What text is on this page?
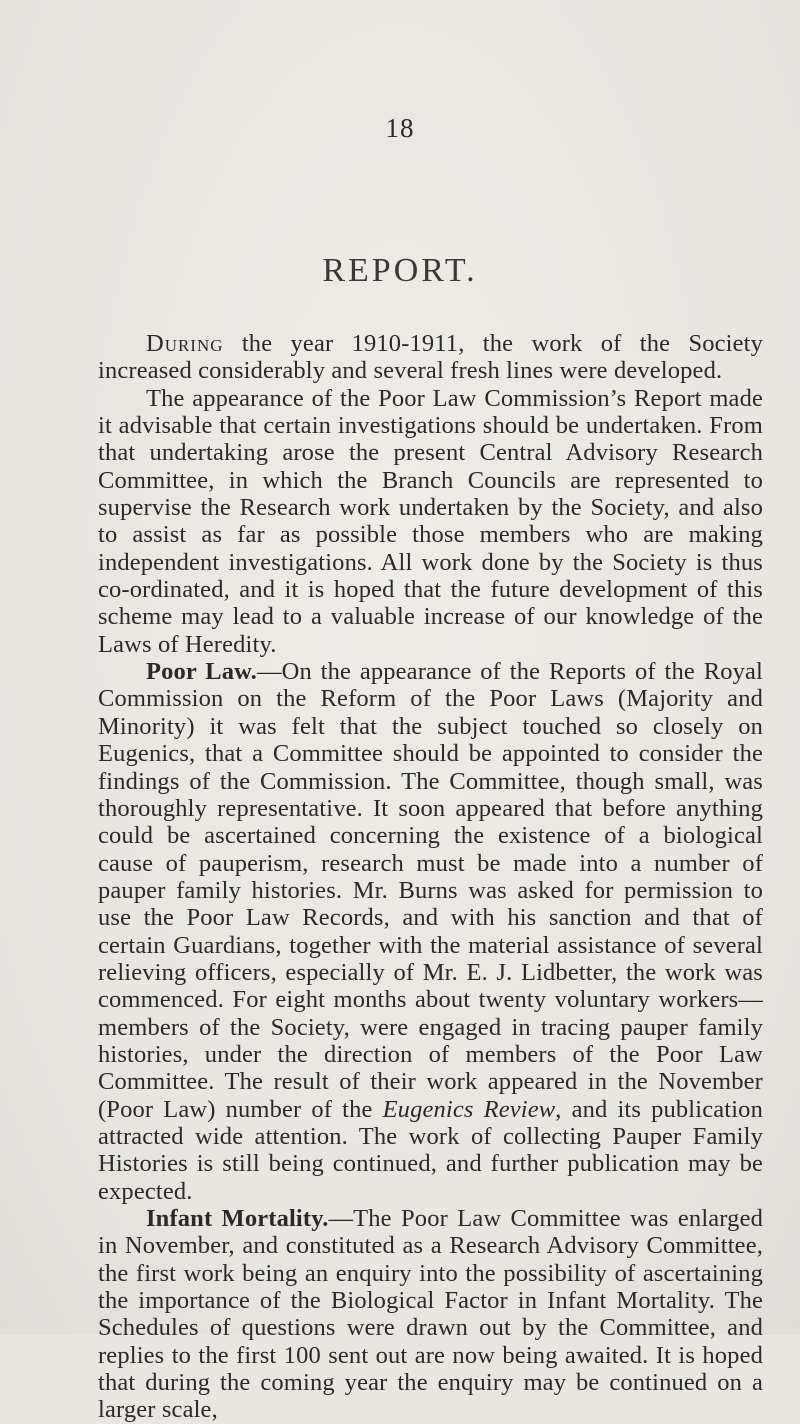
18
REPORT.

During the year 1910-1911, the work of the Society increased considerably and several fresh lines were developed.

The appearance of the Poor Law Commission’s Report made it advisable that certain investigations should be undertaken. From that undertaking arose the present Central Advisory Research Committee, in which the Branch Councils are represented to supervise the Research work undertaken by the Society, and also to assist as far as possible those members who are making independent investigations. All work done by the Society is thus co-ordinated, and it is hoped that the future development of this scheme may lead to a valuable increase of our knowledge of the Laws of Heredity.

Poor Law.—On the appearance of the Reports of the Royal Commission on the Reform of the Poor Laws (Majority and Minority) it was felt that the subject touched so closely on Eugenics, that a Committee should be appointed to consider the findings of the Commission. The Committee, though small, was thoroughly representative. It soon appeared that before anything could be ascertained concerning the existence of a biological cause of pauperism, research must be made into a number of pauper family histories. Mr. Burns was asked for permission to use the Poor Law Records, and with his sanction and that of certain Guardians, together with the material assistance of several relieving officers, especially of Mr. E. J. Lidbetter, the work was commenced. For eight months about twenty voluntary workers—members of the Society, were engaged in tracing pauper family histories, under the direction of members of the Poor Law Committee. The result of their work appeared in the November (Poor Law) number of the Eugenics Review, and its publication attracted wide attention. The work of collecting Pauper Family Histories is still being continued, and further publication may be expected.

Infant Mortality.—The Poor Law Committee was enlarged in November, and constituted as a Research Advisory Committee, the first work being an enquiry into the possibility of ascertaining the importance of the Biological Factor in Infant Mortality. The Schedules of questions were drawn out by the Committee, and replies to the first 100 sent out are now being awaited. It is hoped that during the coming year the enquiry may be continued on a larger scale,
